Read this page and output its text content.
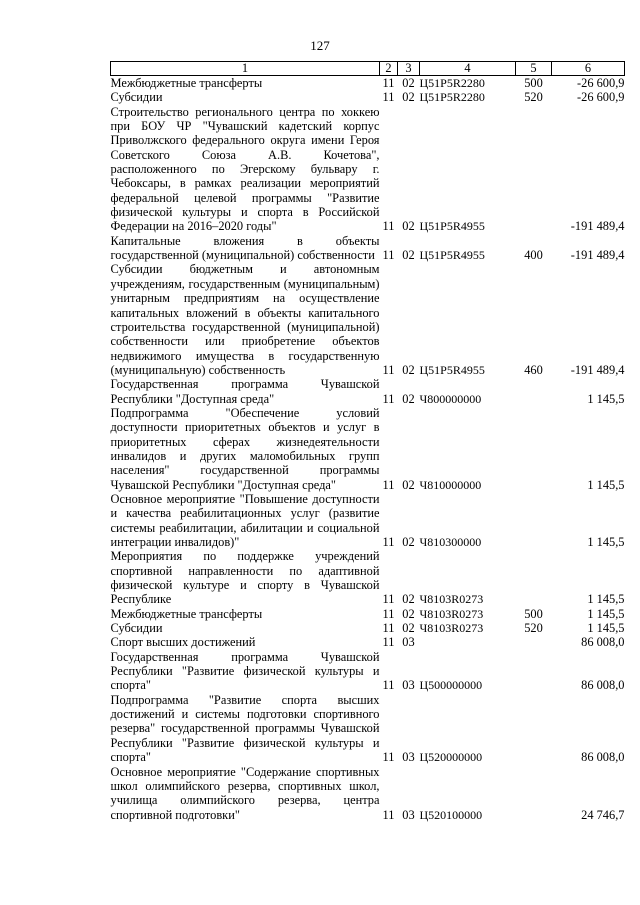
127
1	2	3	4	5	6
Межбюджетные трансферты	11	02	Ц51P5R2280	500	-26 600,9
Субсидии	11	02	Ц51P5R2280	520	-26 600,9
Строительство регионального центра по хоккею при БОУ ЧР "Чувашский кадетский корпус Приволжского федерального округа имени Героя Советского Союза А.В. Кочетова", расположенного по Эгерскому бульвару г. Чебоксары, в рамках реализации мероприятий федеральной целевой программы "Развитие физической культуры и спорта в Российской Федерации на 2016–2020 годы"	11	02	Ц51P5R4955		-191 489,4
Капитальные вложения в объекты государственной (муниципальной) собственности	11	02	Ц51P5R4955	400	-191 489,4
Субсидии бюджетным и автономным учреждениям, государственным (муниципальным) унитарным предприятиям на осуществление капитальных вложений в объекты капитального строительства государственной (муниципальной) собственности или приобретение объектов недвижимого имущества в государственную (муниципальную) собственность	11	02	Ц51P5R4955	460	-191 489,4
Государственная программа Чувашской Республики "Доступная среда"	11	02	Ч800000000		1 145,5
Подпрограмма "Обеспечение условий доступности приоритетных объектов и услуг в приоритетных сферах жизнедеятельности инвалидов и других маломобильных групп населения" государственной программы Чувашской Республики "Доступная среда"	11	02	Ч810000000		1 145,5
Основное мероприятие "Повышение доступности и качества реабилитационных услуг (развитие системы реабилитации, абилитации и социальной интеграции инвалидов)"	11	02	Ч810300000		1 145,5
Мероприятия по поддержке учреждений спортивной направленности по адаптивной физической культуре и спорту в Чувашской Республике	11	02	Ч8103R0273		1 145,5
Межбюджетные трансферты	11	02	Ч8103R0273	500	1 145,5
Субсидии	11	02	Ч8103R0273	520	1 145,5
Спорт высших достижений	11	03			86 008,0
Государственная программа Чувашской Республики "Развитие физической культуры и спорта"	11	03	Ц500000000		86 008,0
Подпрограмма "Развитие спорта высших достижений и системы подготовки спортивного резерва" государственной программы Чувашской Республики "Развитие физической культуры и спорта"	11	03	Ц520000000		86 008,0
Основное мероприятие "Содержание спортивных школ олимпийского резерва, спортивных школ, училища олимпийского резерва, центра спортивной подготовки"	11	03	Ц520100000		24 746,7
